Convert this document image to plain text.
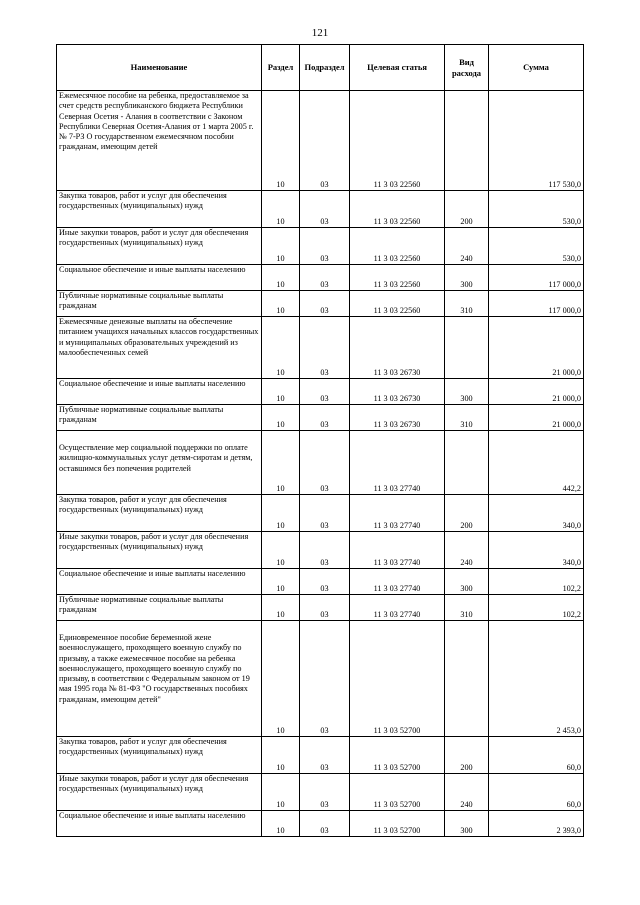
121
Наименование	Раздел	Подраздел	Целевая статья	Вид расхода	Сумма
Ежемесячное пособие на ребенка, предоставляемое за счет средств республиканского бюджета Республики Северная Осетия - Алания в соответствии с Законом Республики Северная Осетия-Алания от 1 марта 2005 г. № 7-РЗ О государственном ежемесячном пособии гражданам, имеющим детей	10	03	11 3 03 22560		117 530,0
Закупка товаров, работ и услуг для обеспечения государственных (муниципальных) нужд	10	03	11 3 03 22560	200	530,0
Иные закупки товаров, работ и услуг для обеспечения государственных (муниципальных) нужд	10	03	11 3 03 22560	240	530,0
Социальное обеспечение и иные выплаты населению	10	03	11 3 03 22560	300	117 000,0
Публичные нормативные социальные выплаты гражданам	10	03	11 3 03 22560	310	117 000,0
Ежемесячные денежные выплаты на обеспечение питанием учащихся начальных классов государственных и муниципальных образовательных учреждений из малообеспеченных семей	10	03	11 3 03 26730		21 000,0
Социальное обеспечение и иные выплаты населению	10	03	11 3 03 26730	300	21 000,0
Публичные нормативные социальные выплаты гражданам	10	03	11 3 03 26730	310	21 000,0
Осуществление мер социальной поддержки по оплате жилищно-коммунальных услуг детям-сиротам и детям, оставшимся без попечения родителей	10	03	11 3 03 27740		442,2
Закупка товаров, работ и услуг для обеспечения государственных (муниципальных) нужд	10	03	11 3 03 27740	200	340,0
Иные закупки товаров, работ и услуг для обеспечения государственных (муниципальных) нужд	10	03	11 3 03 27740	240	340,0
Социальное обеспечение и иные выплаты населению	10	03	11 3 03 27740	300	102,2
Публичные нормативные социальные выплаты гражданам	10	03	11 3 03 27740	310	102,2
Единовременное пособие беременной жене военнослужащего, проходящего военную службу по призыву, а также ежемесячное пособие на ребенка военнослужащего, проходящего военную службу по призыву, в соответствии с Федеральным законом от 19 мая 1995 года № 81-ФЗ "О государственных пособиях гражданам, имеющим детей"	10	03	11 3 03 52700		2 453,0
Закупка товаров, работ и услуг для обеспечения государственных (муниципальных) нужд	10	03	11 3 03 52700	200	60,0
Иные закупки товаров, работ и услуг для обеспечения государственных (муниципальных) нужд	10	03	11 3 03 52700	240	60,0
Социальное обеспечение и иные выплаты населению	10	03	11 3 03 52700	300	2 393,0
